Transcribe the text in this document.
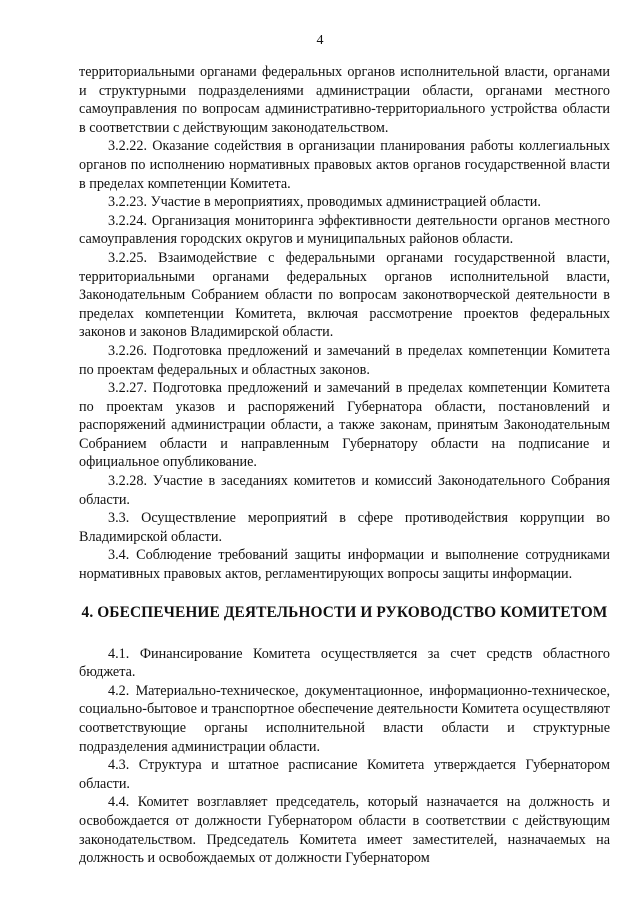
4

территориальными органами федеральных органов исполнительной власти, органами и структурными подразделениями администрации области, органами местного самоуправления по вопросам административно-территориального устройства области в соответствии с действующим законодательством.

3.2.22. Оказание содействия в организации планирования работы коллегиальных органов по исполнению нормативных правовых актов органов государственной власти в пределах компетенции Комитета.

3.2.23. Участие в мероприятиях, проводимых администрацией области.

3.2.24. Организация мониторинга эффективности деятельности органов местного самоуправления городских округов и муниципальных районов области.

3.2.25. Взаимодействие с федеральными органами государственной власти, территориальными органами федеральных органов исполнительной власти, Законодательным Собранием области по вопросам законотворческой деятельности в пределах компетенции Комитета, включая рассмотрение проектов федеральных законов и законов Владимирской области.

3.2.26. Подготовка предложений и замечаний в пределах компетенции Комитета по проектам федеральных и областных законов.

3.2.27. Подготовка предложений и замечаний в пределах компетенции Комитета по проектам указов и распоряжений Губернатора области, постановлений и распоряжений администрации области, а также законам, принятым Законодательным Собранием области и направленным Губернатору области на подписание и официальное опубликование.

3.2.28. Участие в заседаниях комитетов и комиссий Законодательного Собрания области.

3.3. Осуществление мероприятий в сфере противодействия коррупции во Владимирской области.

3.4. Соблюдение требований защиты информации и выполнение сотрудниками нормативных правовых актов, регламентирующих вопросы защиты информации.

4. ОБЕСПЕЧЕНИЕ ДЕЯТЕЛЬНОСТИ И РУКОВОДСТВО КОМИТЕТОМ

4.1. Финансирование Комитета осуществляется за счет средств областного бюджета.

4.2. Материально-техническое, документационное, информационно-техническое, социально-бытовое и транспортное обеспечение деятельности Комитета осуществляют соответствующие органы исполнительной власти области и структурные подразделения администрации области.

4.3. Структура и штатное расписание Комитета утверждается Губернатором области.

4.4. Комитет возглавляет председатель, который назначается на должность и освобождается от должности Губернатором области в соответствии с действующим законодательством. Председатель Комитета имеет заместителей, назначаемых на должность и освобождаемых от должности Губернатором
